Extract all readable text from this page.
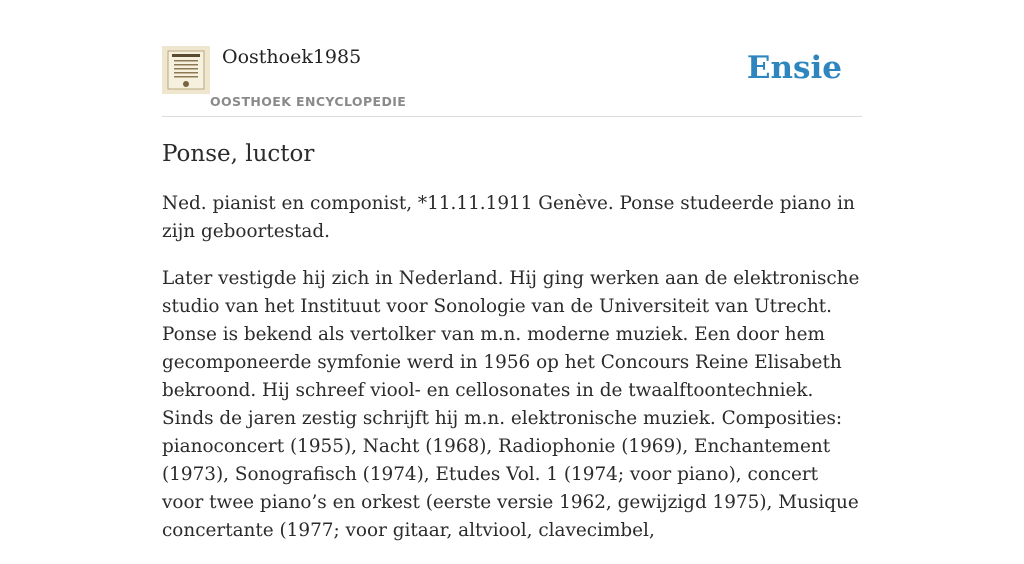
Oosthoek1985
OOSTHOEK ENCYCLOPEDIE
Ensie
Ponse, luctor

Ned. pianist en componist, *11.11.1911 Genève. Ponse studeerde piano in zijn geboortestad.

Later vestigde hij zich in Nederland. Hij ging werken aan de elektronische studio van het Instituut voor Sonologie van de Universiteit van Utrecht. Ponse is bekend als vertolker van m.n. moderne muziek. Een door hem gecomponeerde symfonie werd in 1956 op het Concours Reine Elisabeth bekroond. Hij schreef viool- en cellosonates in de twaalftoontechniek. Sinds de jaren zestig schrijft hij m.n. elektronische muziek. Composities: pianoconcert (1955), Nacht (1968), Radiophonie (1969), Enchantement (1973), Sonografisch (1974), Etudes Vol. 1 (1974; voor piano), concert voor twee piano’s en orkest (eerste versie 1962, gewijzigd 1975), Musique concertante (1977; voor gitaar, altviool, clavecimbel,
